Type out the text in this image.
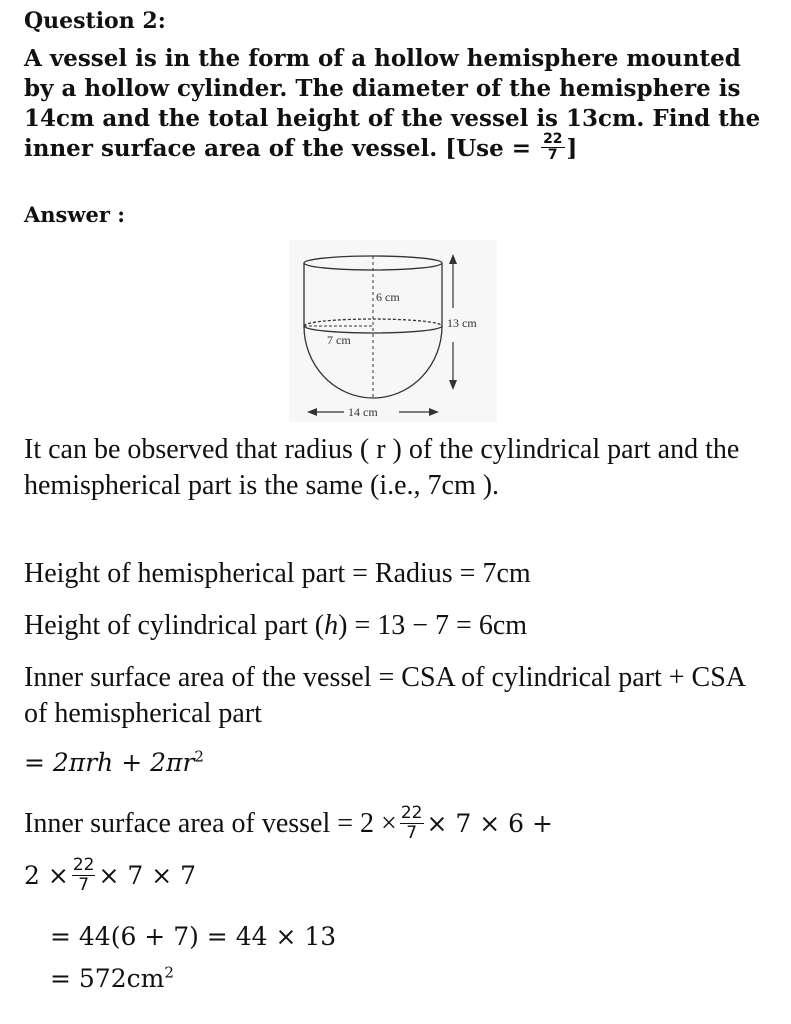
Question 2:
A vessel is in the form of a hollow hemisphere mounted by a hollow cylinder. The diameter of the hemisphere is 14cm and the total height of the vessel is 13cm. Find the inner surface area of the vessel. [$Use = \frac{22}{7}$ ]
Answer :
6 cm
7 cm
13 cm
14 cm
It can be observed that radius ( r ) of the cylindrical part and the hemispherical part is the same (i.e., 7cm ).
Height of hemispherical part = Radius = 7cm
Height of cylindrical part (h) = 13 − 7 = 6cm
Inner surface area of the vessel = CSA of cylindrical part + CSA of hemispherical part
= $2\pi rh + 2\pi r^2$
Inner surface area of vessel = $2 \times \frac{22}{7} \times 7 \times 6$ +
$2 \times \frac{22}{7} \times 7 \times 7$
= 44(6 + 7) = 44 × 13
= $572cm^2$
